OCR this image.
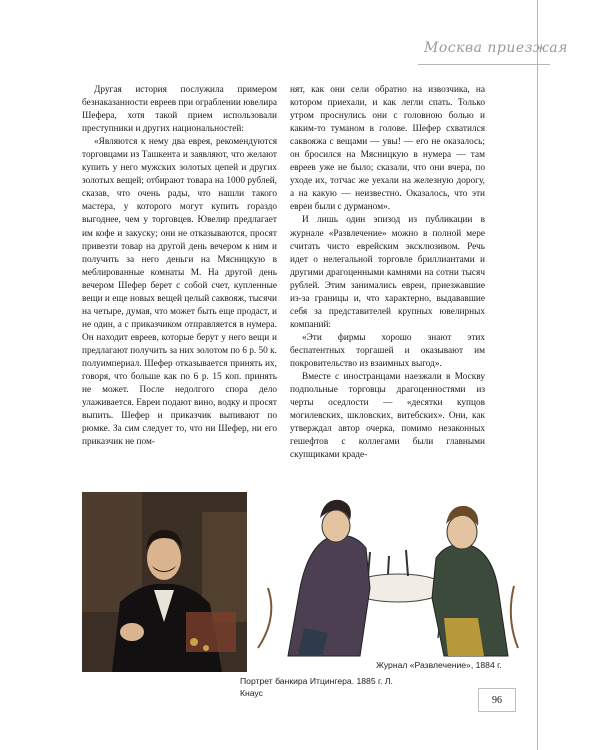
Москва приезжая

Другая история послужила примером безнаказанности евреев при ограблении ювелира Шефера, хотя такой прием использовали преступники и других национальностей:

«Являются к нему два еврея, рекомендуются торговцами из Ташкента и заявляют, что желают купить у него мужских золотых цепей и других золотых вещей; отбирают товара на 1000 рублей, сказав, что очень рады, что нашли такого мастера, у которого могут купить гораздо выгоднее, чем у торговцев. Ювелир предлагает им кофе и закуску; они не отказываются, просят привезти товар на другой день вечером к ним и получить за него деньги на Мясницкую в меблированные комнаты М. На другой день вечером Шефер берет с собой счет, купленные вещи и еще новых вещей целый саквояж, тысячи на четыре, думая, что может быть еще продаст, и не один, а с приказчиком отправляется в нумера. Он находит евреев, которые берут у него вещи и предлагают получить за них золотом по 6 р. 50 к. полуимпериал. Шефер отказывается принять их, говоря, что больше как по 6 р. 15 коп. принять не может. После недолгого спора дело улаживается. Евреи подают вино, водку и просят выпить. Шефер и приказчик выпивают по рюмке. За сим следует то, что ни Шефер, ни его приказчик не пом-

нят, как они сели обратно на извозчика, на котором приехали, и как легли спать. Только утром проснулись они с головною болью и каким-то туманом в голове. Шефер схватился саквояжа с вещами — увы! — его не оказалось; он бросился на Мясницкую в нумера — там евреев уже не было; сказали, что они вчера, по уходе их, тотчас же уехали на железную дорогу, а на какую — неизвестно. Оказалось, что эти евреи были с дурманом».

И лишь один эпизод из публикации в журнале «Развлечение» можно в полной мере считать чисто еврейским эксклюзивом. Речь идет о нелегальной торговле бриллиантами и другими драгоценными камнями на сотни тысяч рублей. Этим занимались евреи, приезжавшие из-за границы и, что характерно, выдававшие себя за представителей крупных ювелирных компаний:

«Эти фирмы хорошо знают этих беспатентных торгашей и оказывают им покровительство из взаимных выгод».

Вместе с иностранцами наезжали в Москву подпольные торговцы драгоценностями из черты оседлости — «десятки купцов могилевских, шкловских, витебских». Они, как утверждал автор очерка, помимо незаконных гешефтов с коллегами были главными скупщиками краде-

Портрет банкира Итцингера. 1885 г. Л. Кнаус
Журнал «Развлечение», 1884 г.
96
